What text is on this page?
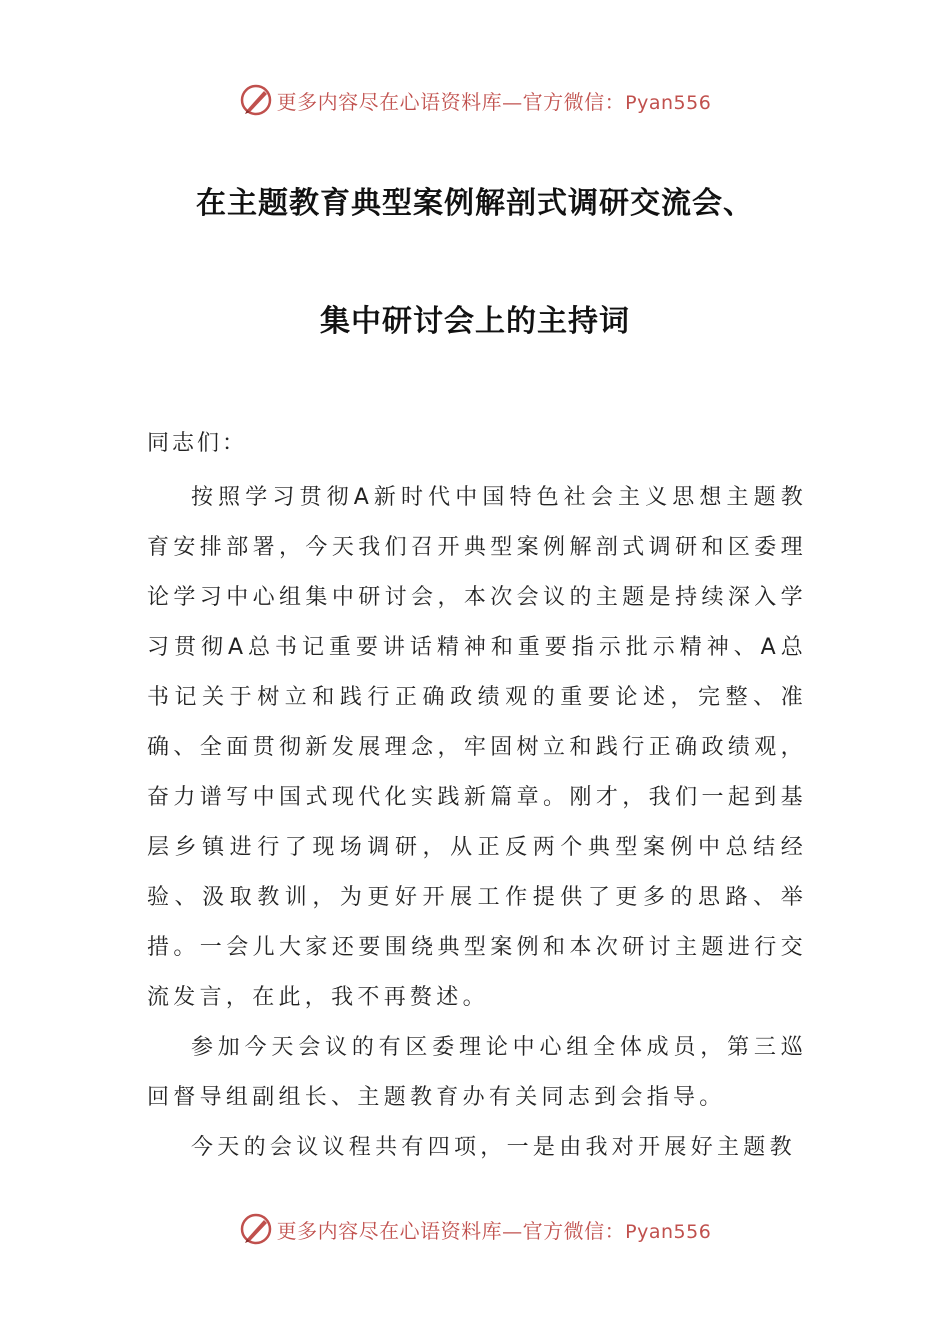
更多内容尽在心语资料库—官方微信：Pyan556
在主题教育典型案例解剖式调研交流会、
集中研讨会上的主持词
同志们：

按照学习贯彻A新时代中国特色社会主义思想主题教育安排部署，今天我们召开典型案例解剖式调研和区委理论学习中心组集中研讨会，本次会议的主题是持续深入学习贯彻A总书记重要讲话精神和重要指示批示精神、A总书记关于树立和践行正确政绩观的重要论述，完整、准确、全面贯彻新发展理念，牢固树立和践行正确政绩观，奋力谱写中国式现代化实践新篇章。刚才，我们一起到基层乡镇进行了现场调研，从正反两个典型案例中总结经验、汲取教训，为更好开展工作提供了更多的思路、举措。一会儿大家还要围绕典型案例和本次研讨主题进行交流发言，在此，我不再赘述。

参加今天会议的有区委理论中心组全体成员，第三巡回督导组副组长、主题教育办有关同志到会指导。

今天的会议议程共有四项，一是由我对开展好主题教

更多内容尽在心语资料库—官方微信：Pyan556
